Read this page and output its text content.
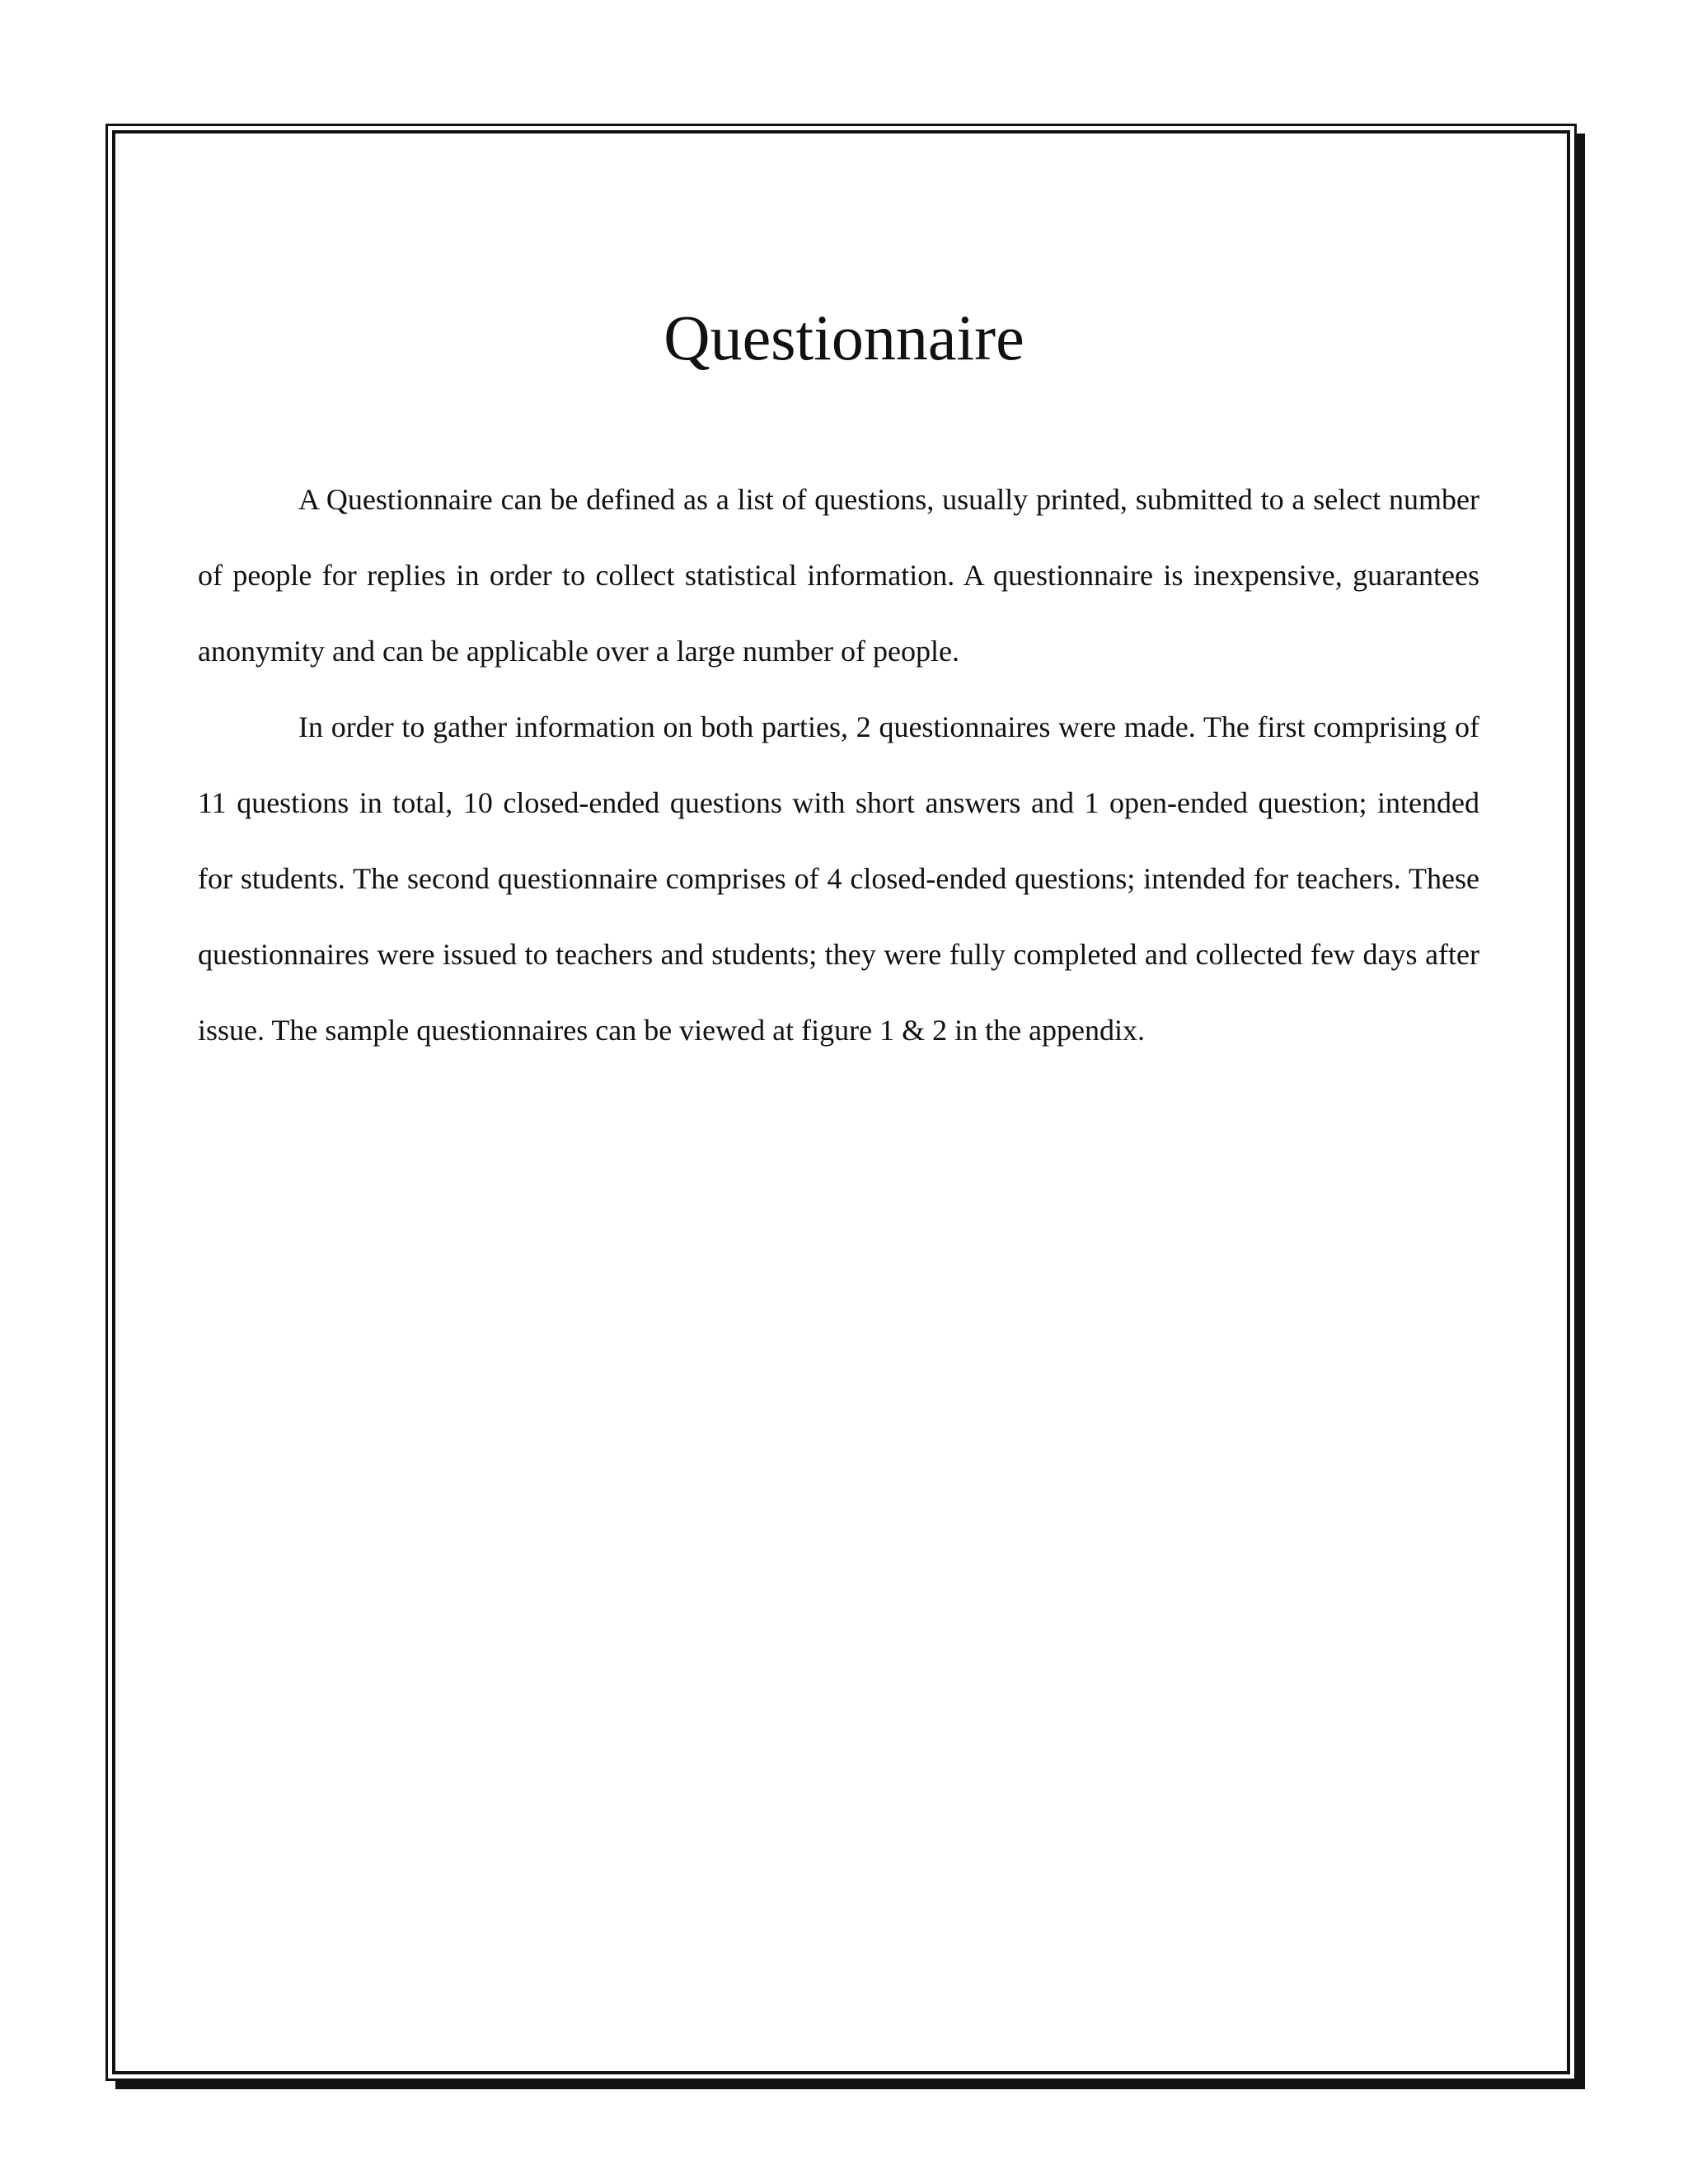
Questionnaire

A Questionnaire can be defined as a list of questions, usually printed, submitted to a select number of people for replies in order to collect statistical information. A questionnaire is inexpensive, guarantees anonymity and can be applicable over a large number of people.

In order to gather information on both parties, 2 questionnaires were made. The first comprising of 11 questions in total, 10 closed-ended questions with short answers and 1 open-ended question; intended for students. The second questionnaire comprises of 4 closed-ended questions; intended for teachers. These questionnaires were issued to teachers and students; they were fully completed and collected few days after issue. The sample questionnaires can be viewed at figure 1 & 2 in the appendix.
